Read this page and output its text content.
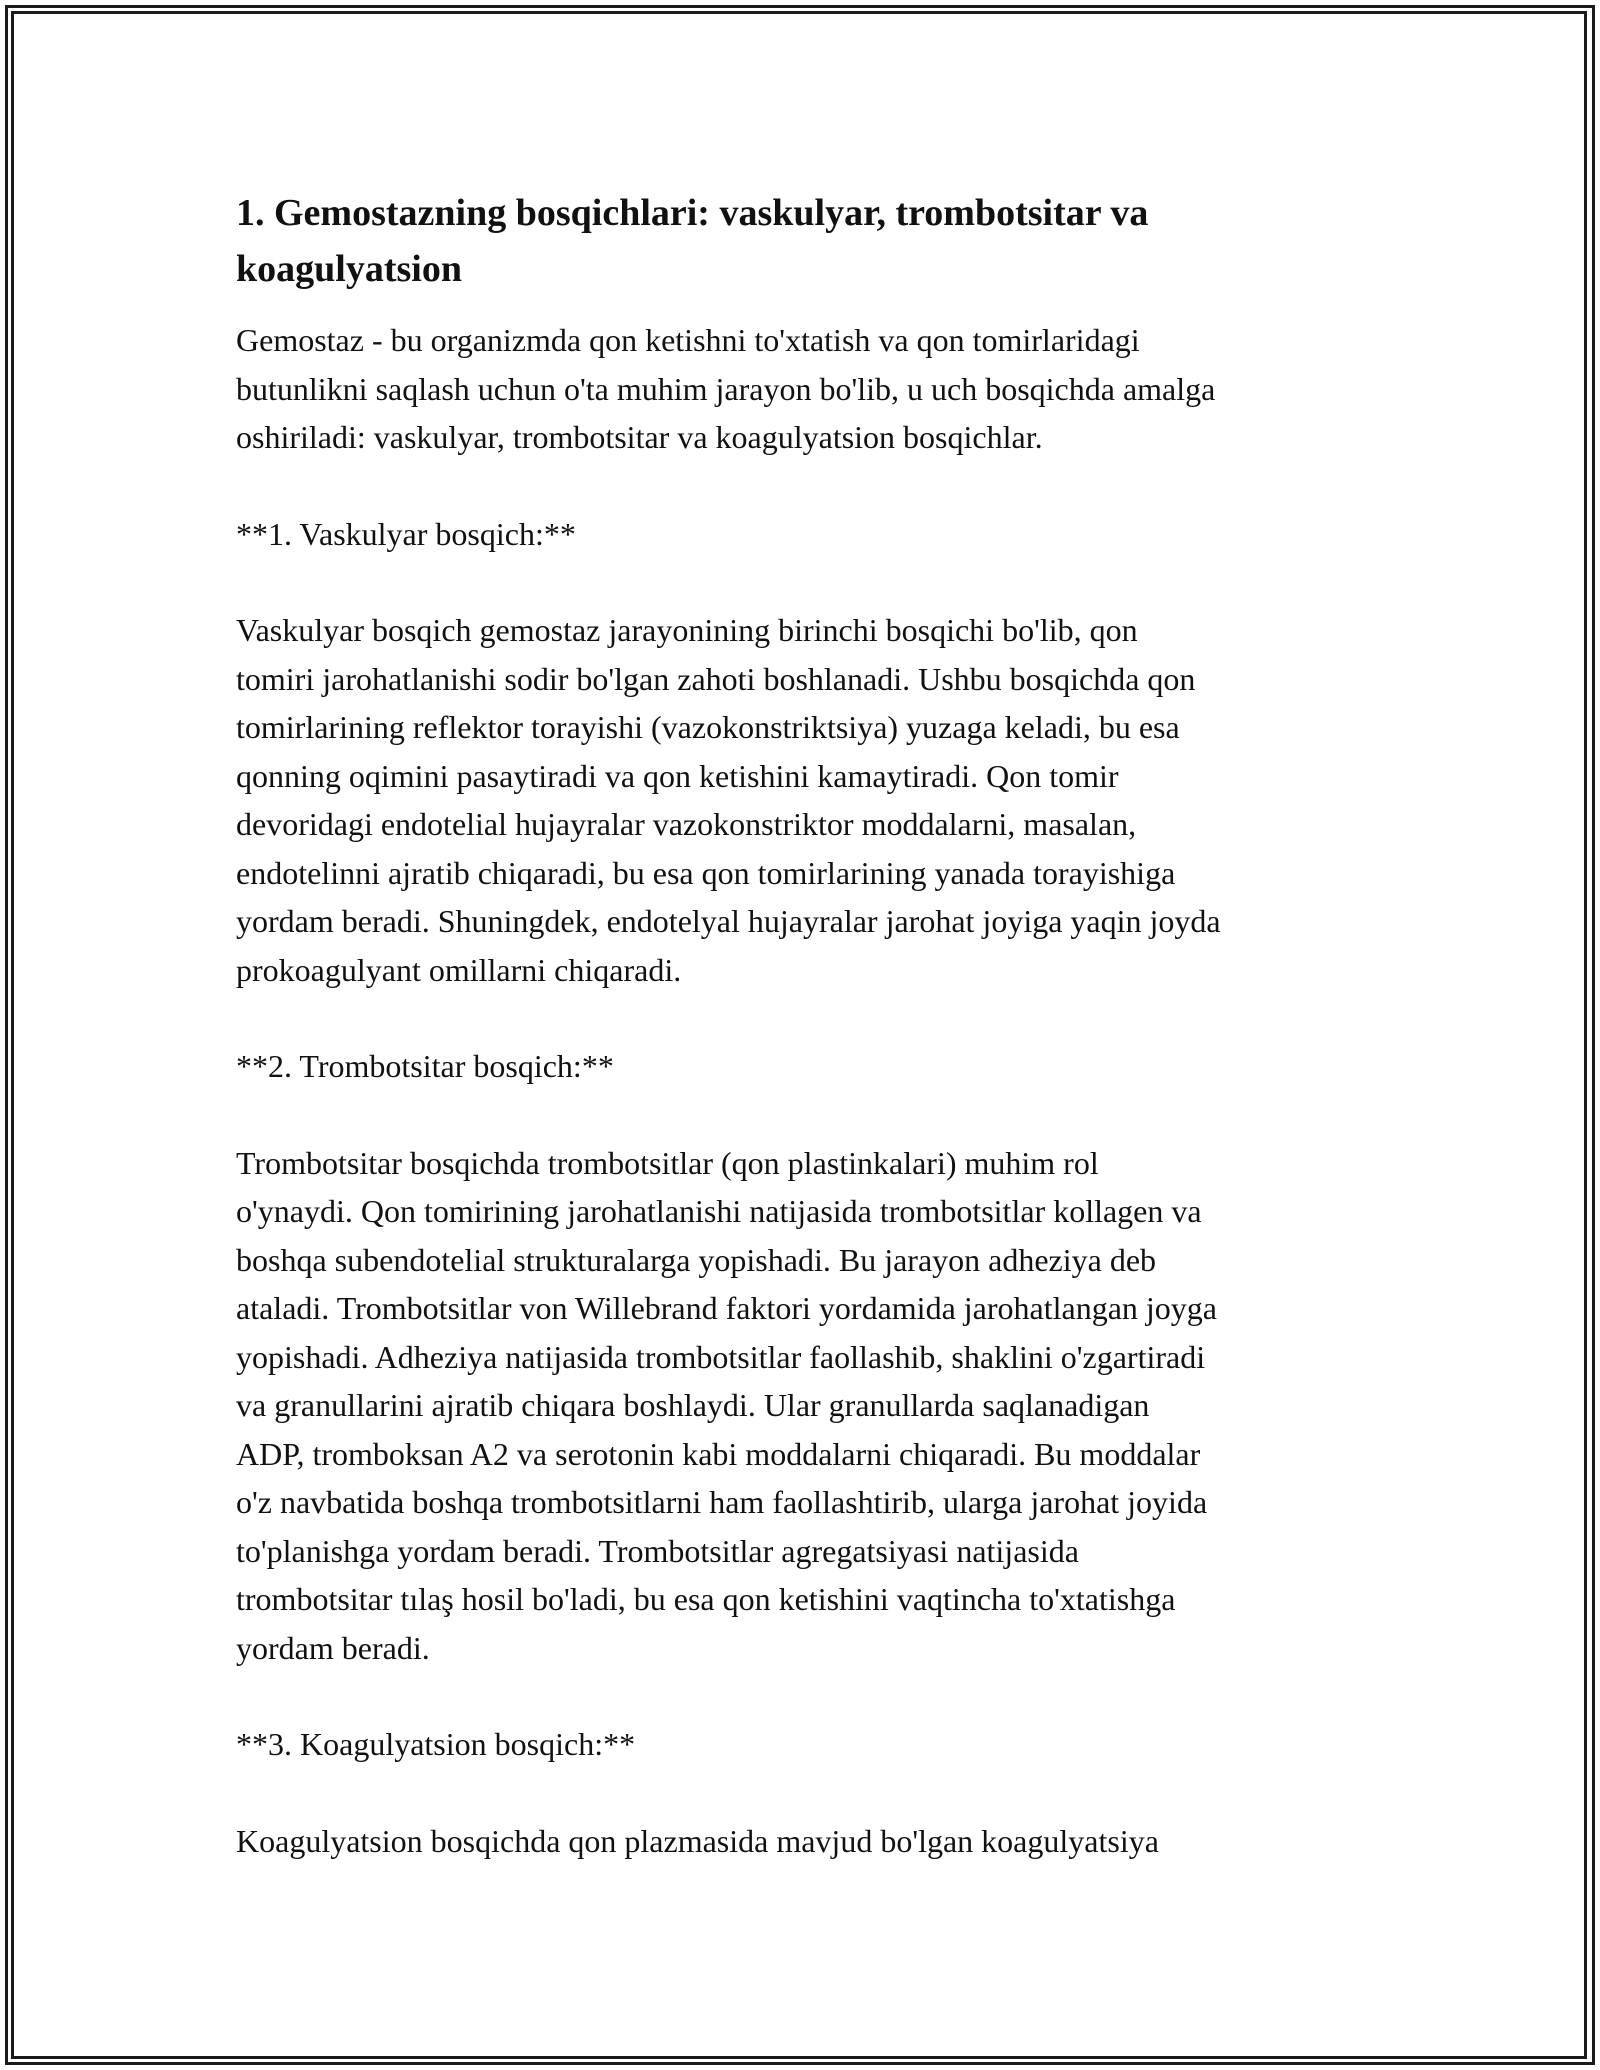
1. Gemostazning bosqichlari: vaskulyar, trombotsitar va koagulyatsion

Gemostaz - bu organizmda qon ketishni to'xtatish va qon tomirlaridagi
butunlikni saqlash uchun o'ta muhim jarayon bo'lib, u uch bosqichda amalga
oshiriladi: vaskulyar, trombotsitar va koagulyatsion bosqichlar.

**1. Vaskulyar bosqich:**

Vaskulyar bosqich gemostaz jarayonining birinchi bosqichi bo'lib, qon
tomiri jarohatlanishi sodir bo'lgan zahoti boshlanadi. Ushbu bosqichda qon
tomirlarining reflektor torayishi (vazokonstriktsiya) yuzaga keladi, bu esa
qonning oqimini pasaytiradi va qon ketishini kamaytiradi. Qon tomir
devoridagi endotelial hujayralar vazokonstriktor moddalarni, masalan,
endotelinni ajratib chiqaradi, bu esa qon tomirlarining yanada torayishiga
yordam beradi. Shuningdek, endotelyal hujayralar jarohat joyiga yaqin joyda
prokoagulyant omillarni chiqaradi.

**2. Trombotsitar bosqich:**

Trombotsitar bosqichda trombotsitlar (qon plastinkalari) muhim rol
o'ynaydi. Qon tomirining jarohatlanishi natijasida trombotsitlar kollagen va
boshqa subendotelial strukturalarga yopishadi. Bu jarayon adheziya deb
ataladi. Trombotsitlar von Willebrand faktori yordamida jarohatlangan joyga
yopishadi. Adheziya natijasida trombotsitlar faollashib, shaklini o'zgartiradi
va granullarini ajratib chiqara boshlaydi. Ular granullarda saqlanadigan
ADP, tromboksan A2 va serotonin kabi moddalarni chiqaradi. Bu moddalar
o'z navbatida boshqa trombotsitlarni ham faollashtirib, ularga jarohat joyida
to'planishga yordam beradi. Trombotsitlar agregatsiyasi natijasida
trombotsitar tılaş hosil bo'ladi, bu esa qon ketishini vaqtincha to'xtatishga
yordam beradi.

**3. Koagulyatsion bosqich:**

Koagulyatsion bosqichda qon plazmasida mavjud bo'lgan koagulyatsiya
